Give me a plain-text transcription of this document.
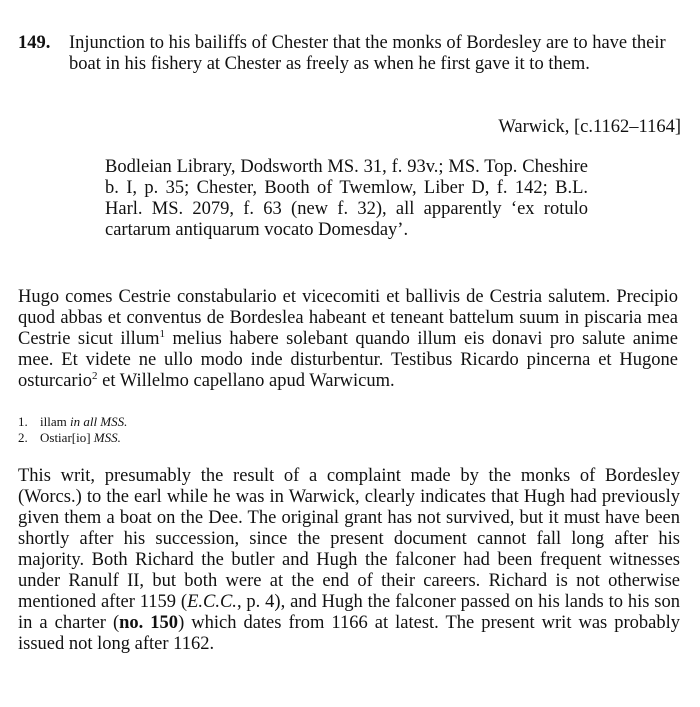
149. Injunction to his bailiffs of Chester that the monks of Bordesley are to have their boat in his fishery at Chester as freely as when he first gave it to them.
Warwick, [c.1162–1164]
Bodleian Library, Dodsworth MS. 31, f. 93v.; MS. Top. Cheshire b. I, p. 35; Chester, Booth of Twemlow, Liber D, f. 142; B.L. Harl. MS. 2079, f. 63 (new f. 32), all apparently ‘ex rotulo cartarum antiquarum vocato Domesday’.
Hugo comes Cestrie constabulario et vicecomiti et ballivis de Cestria salutem. Precipio quod abbas et conventus de Bordeslea habeant et teneant battelum suum in piscaria mea Cestrie sicut illum$^1$ melius habere solebant quando illum eis donavi pro salute anime mee. Et videte ne ullo modo inde disturbentur. Testibus Ricardo pincerna et Hugone osturcario$^2$ et Willelmo capellano apud Warwicum.
1. illam in all MSS.
2. Ostiar[io] MSS.
This writ, presumably the result of a complaint made by the monks of Bordesley (Worcs.) to the earl while he was in Warwick, clearly indicates that Hugh had previously given them a boat on the Dee. The original grant has not survived, but it must have been shortly after his succession, since the present document cannot fall long after his majority. Both Richard the butler and Hugh the falconer had been frequent witnesses under Ranulf II, but both were at the end of their careers. Richard is not otherwise mentioned after 1159 (E.C.C., p. 4), and Hugh the falconer passed on his lands to his son in a charter (no. 150) which dates from 1166 at latest. The present writ was probably issued not long after 1162.
